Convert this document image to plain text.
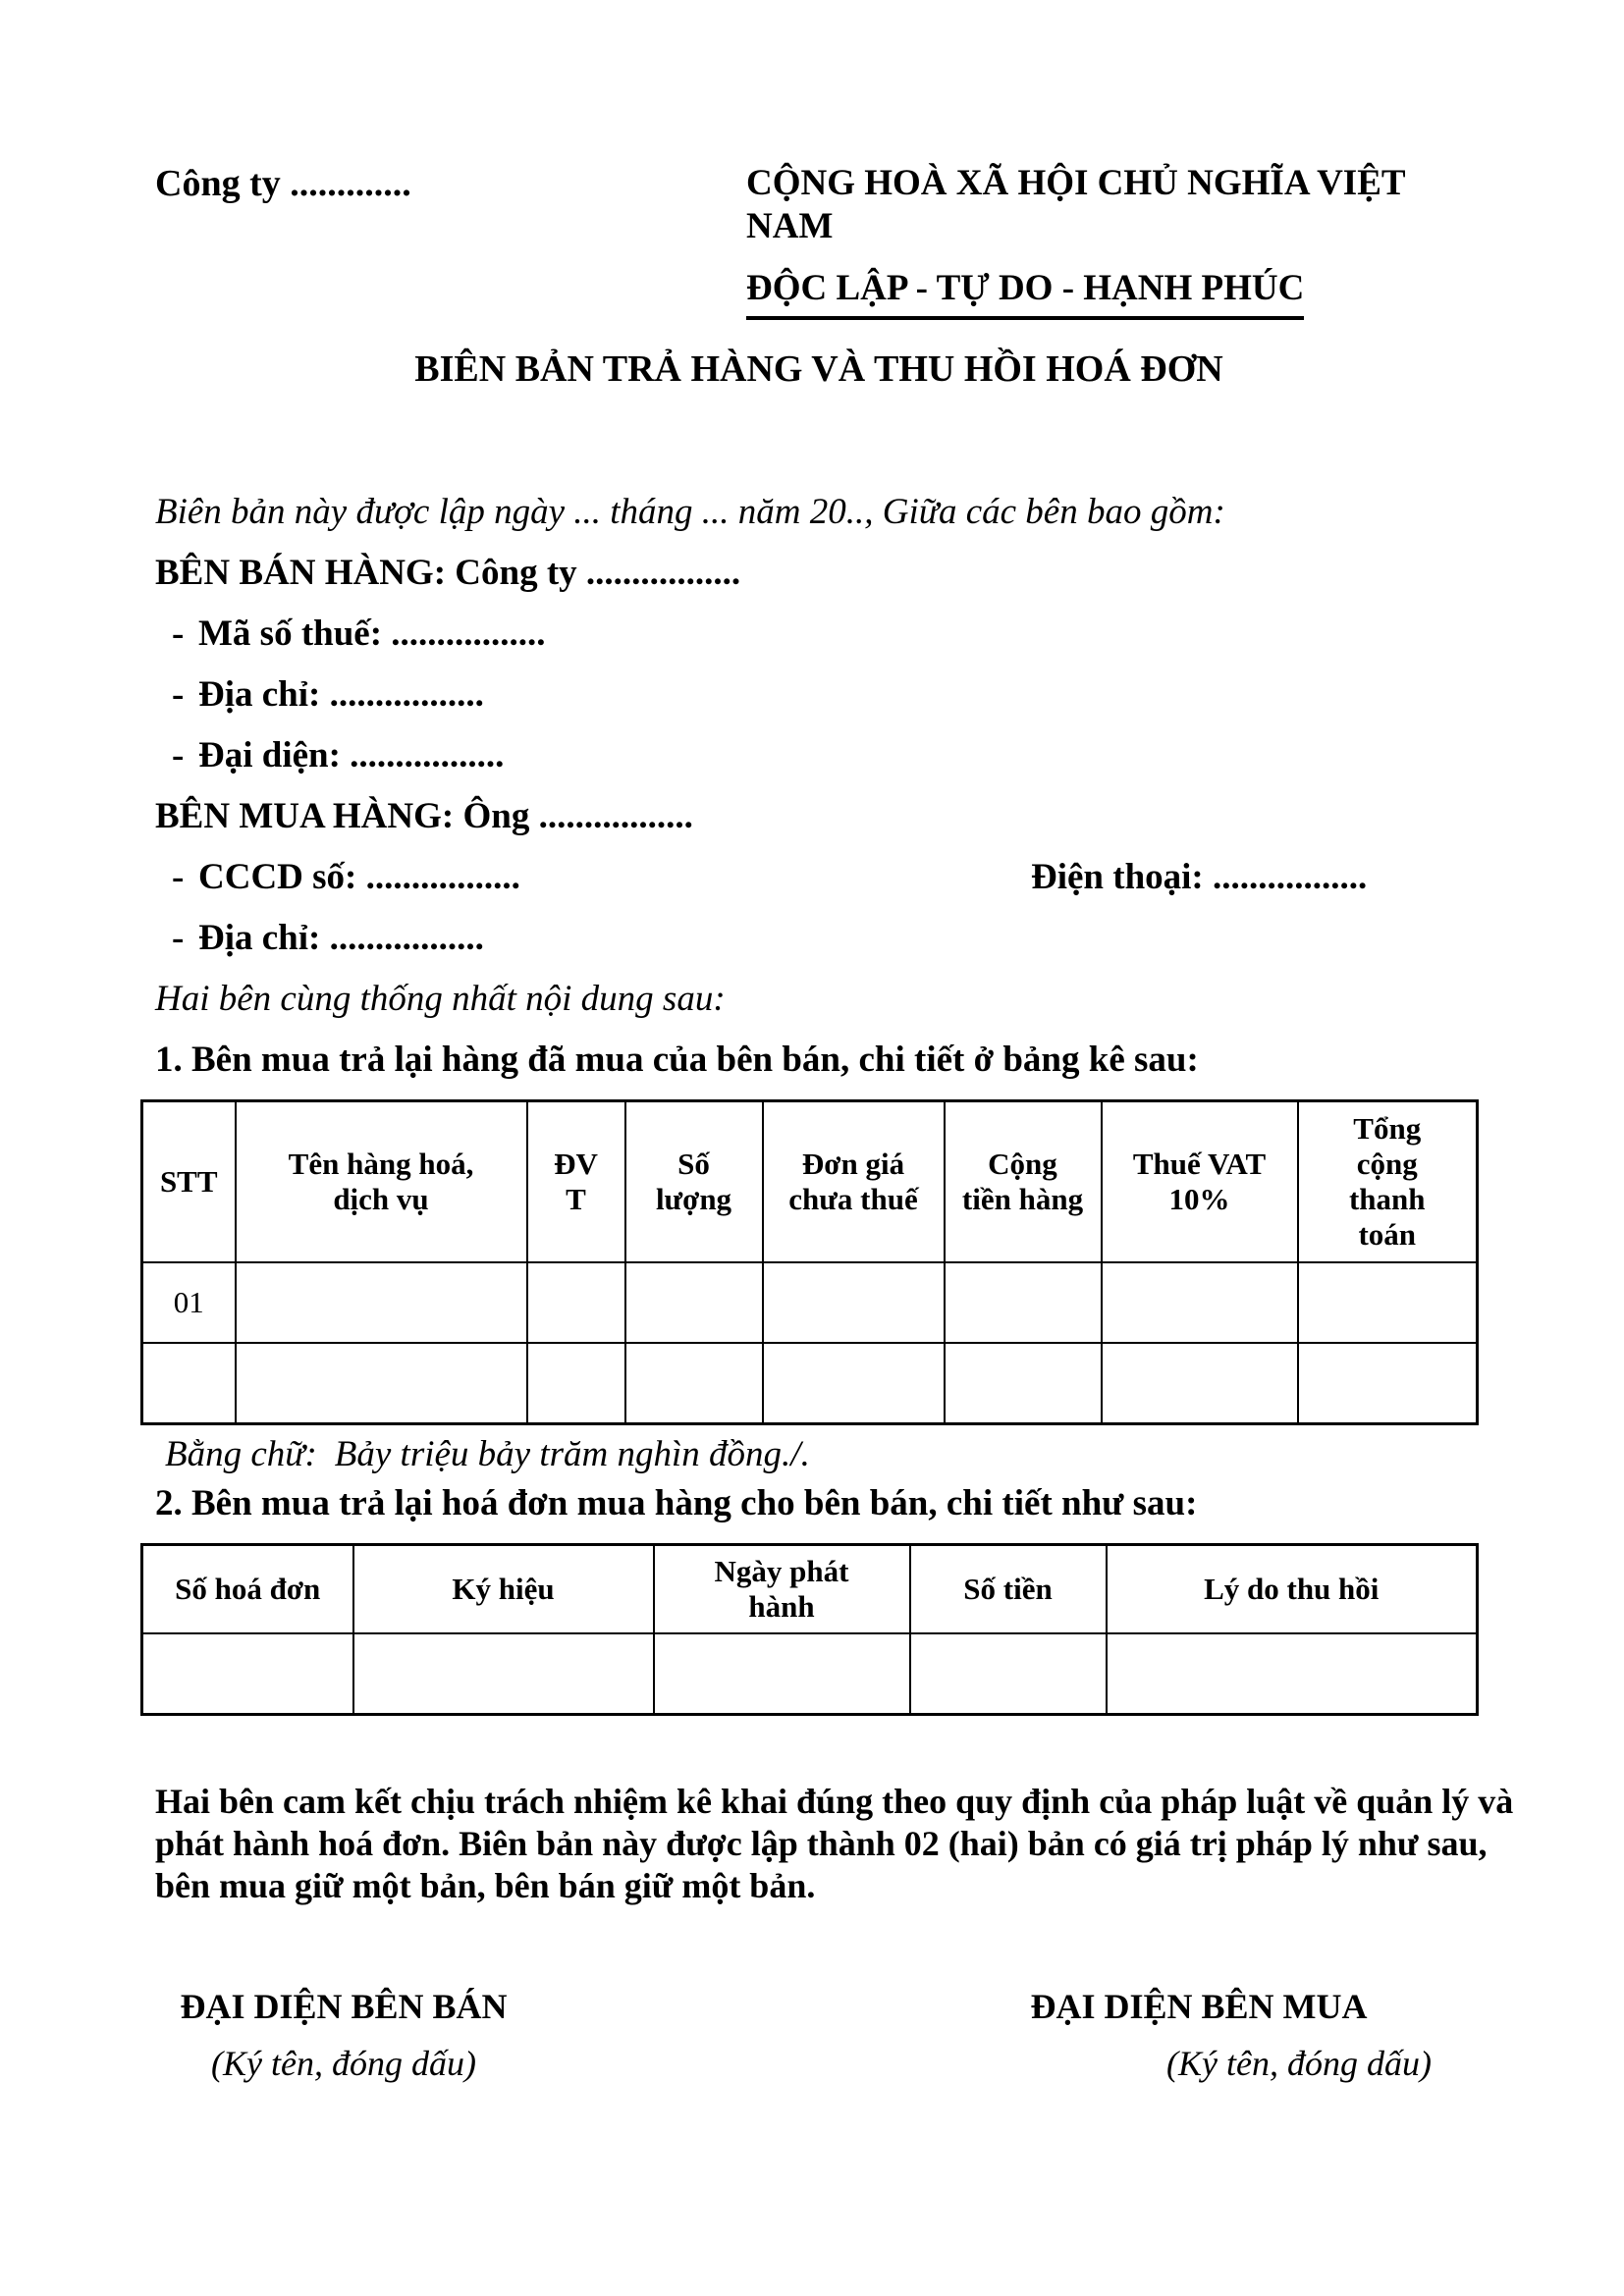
Công ty .............	CỘNG HOÀ XÃ HỘI CHỦ NGHĨA VIỆT NAM
ĐỘC LẬP - TỰ DO - HẠNH PHÚC
BIÊN BẢN TRẢ HÀNG VÀ THU HỒI HOÁ ĐƠN

Biên bản này được lập ngày ... tháng ... năm 20.., Giữa các bên bao gồm:

BÊN BÁN HÀNG: Công ty .................

- Mã số thuế: .................

- Địa chỉ: .................

- Đại diện: .................

BÊN MUA HÀNG: Ông .................

- CCCD số: .................	Điện thoại: .................

- Địa chỉ: .................

Hai bên cùng thống nhất nội dung sau:

1. Bên mua trả lại hàng đã mua của bên bán, chi tiết ở bảng kê sau:

STT	Tên hàng hoá, dịch vụ	ĐVT	Số lượng	Đơn giá chưa thuế	Cộng tiền hàng	Thuế VAT 10%	Tổng cộng thanh toán
01							

Bằng chữ: Bảy triệu bảy trăm nghìn đồng./.

2. Bên mua trả lại hoá đơn mua hàng cho bên bán, chi tiết như sau:

Số hoá đơn	Ký hiệu	Ngày phát hành	Số tiền	Lý do thu hồi

Hai bên cam kết chịu trách nhiệm kê khai đúng theo quy định của pháp luật về quản lý và
phát hành hoá đơn. Biên bản này được lập thành 02 (hai) bản có giá trị pháp lý như sau,
bên mua giữ một bản, bên bán giữ một bản.
ĐẠI DIỆN BÊN BÁN	ĐẠI DIỆN BÊN MUA
(Ký tên, đóng dấu)	(Ký tên, đóng dấu)
